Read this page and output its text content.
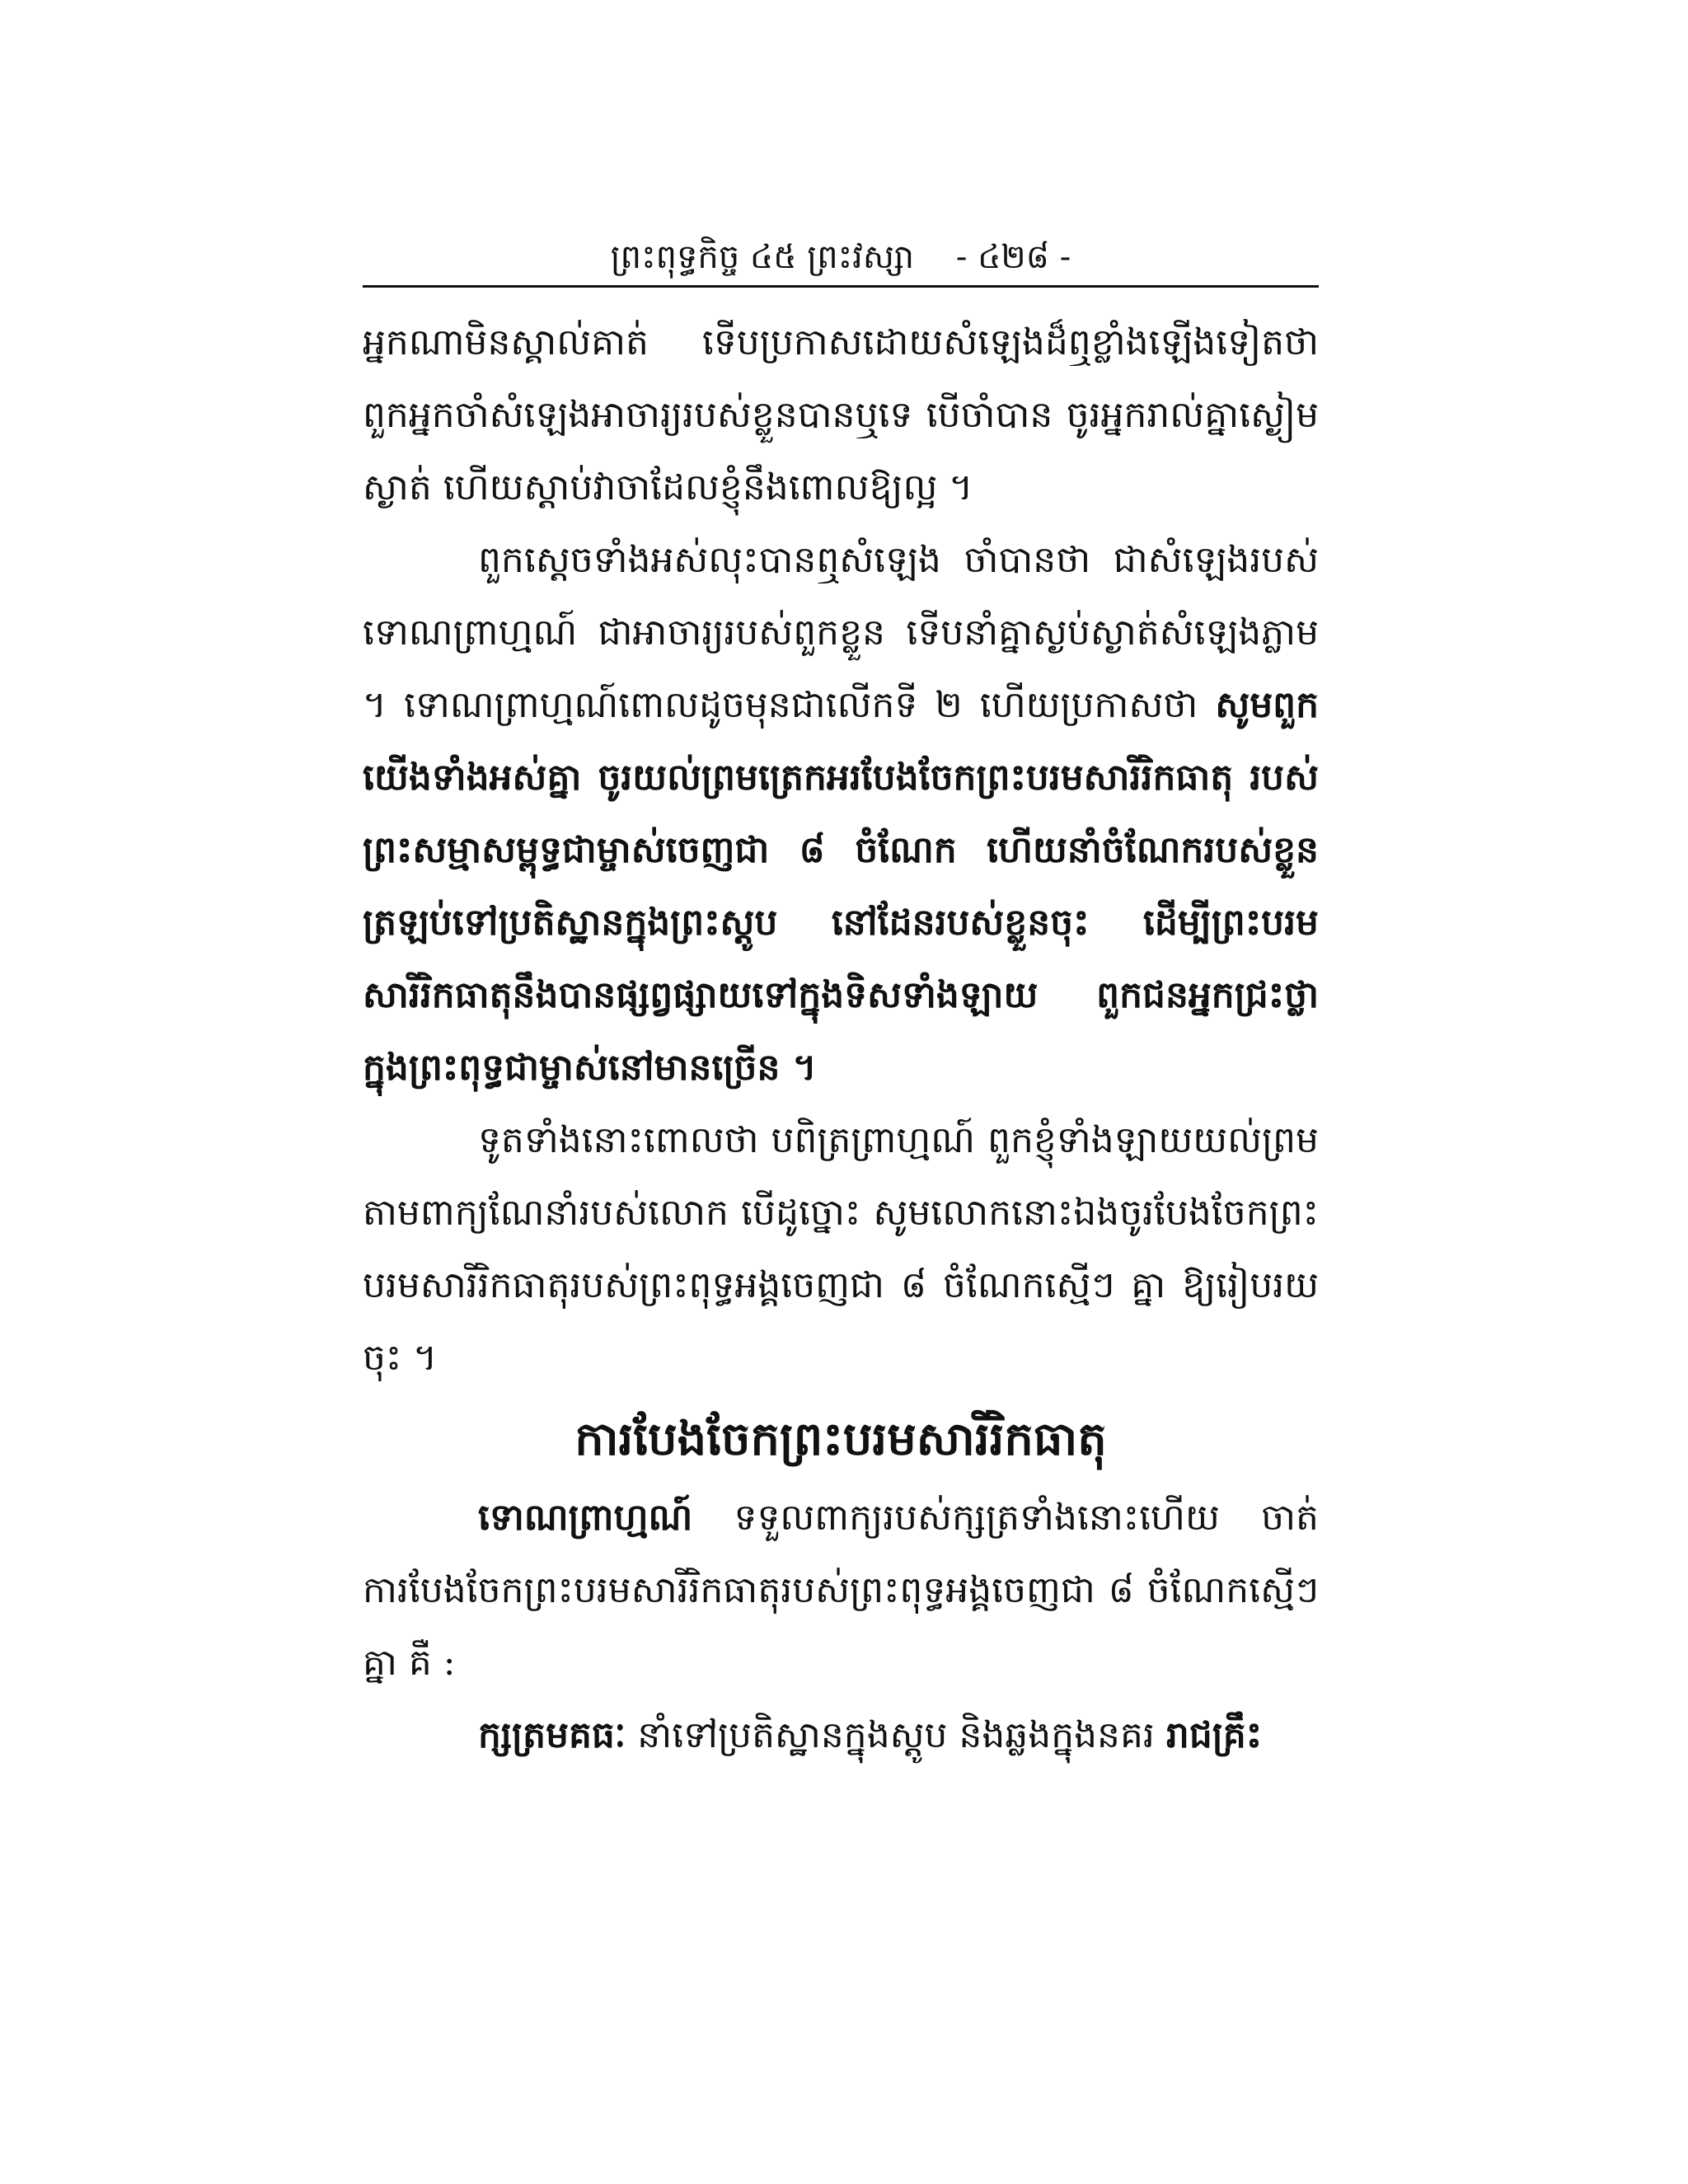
ព្រះពុទ្ធកិច្ច ៤៥ ព្រះវស្សា - ៤២៨ -

អ្នកណាមិនស្គាល់គាត់ ទើបប្រកាសដោយសំឡេងដ៏ឮខ្លាំងឡើងទៀតថា ពួកអ្នកចាំសំឡេងអាចារ្យរបស់ខ្លួនបានឬទេ បើចាំបាន ចូរអ្នករាល់គ្នាស្ងៀមស្ងាត់ ហើយស្តាប់វាចាដែលខ្ញុំនឹងពោលឱ្យល្អ ។

ពួកស្តេចទាំងអស់លុះបានឮសំឡេង ចាំបានថា ជាសំឡេងរបស់ទោណព្រាហ្មណ៍ ជាអាចារ្យរបស់ពួកខ្លួន ទើបនាំគ្នាស្ងប់ស្ងាត់សំឡេងភ្លាម ។ ទោណព្រាហ្មណ៍ពោលដូចមុនជាលើកទី ២ ហើយប្រកាសថា សូមពួកយើងទាំងអស់គ្នា ចូរយល់ព្រមត្រេកអរបែងចែកព្រះបរមសារីរិកធាតុ របស់ព្រះសម្មាសម្ពុទ្ធជាម្ចាស់ចេញជា ៨ ចំណែក ហើយនាំចំណែករបស់ខ្លួនត្រឡប់ទៅប្រតិស្ឋានក្នុងព្រះស្តូប នៅដែនរបស់ខ្លួនចុះ ដើម្បីព្រះបរមសារីរិកធាតុនឹងបានផ្សព្វផ្សាយទៅក្នុងទិសទាំងឡាយ ពួកជនអ្នកជ្រះថ្លាក្នុងព្រះពុទ្ធជាម្ចាស់នៅមានច្រើន ។

ទូតទាំងនោះពោលថា បពិត្រព្រាហ្មណ៍ ពួកខ្ញុំទាំងឡាយយល់ព្រមតាមពាក្យណែនាំរបស់លោក បើដូច្នោះ សូមលោកនោះឯងចូរបែងចែកព្រះបរមសារីរិកធាតុរបស់ព្រះពុទ្ធអង្គចេញជា ៨ ចំណែកស្មើៗ គ្នា ឱ្យរៀបរយចុះ ។

ការបែងចែកព្រះបរមសារីរិកធាតុ

ទោណព្រាហ្មណ៍ ទទួលពាក្យរបស់ក្សត្រទាំងនោះហើយ ចាត់ការបែងចែកព្រះបរមសារីរិកធាតុរបស់ព្រះពុទ្ធអង្គចេញជា ៨ ចំណែកស្មើៗ គ្នា គឺ :

ក្សត្រមគធៈ នាំទៅប្រតិស្ឋានក្នុងស្តូប និងឆ្លងក្នុងនគរ រាជគ្រឹះ
